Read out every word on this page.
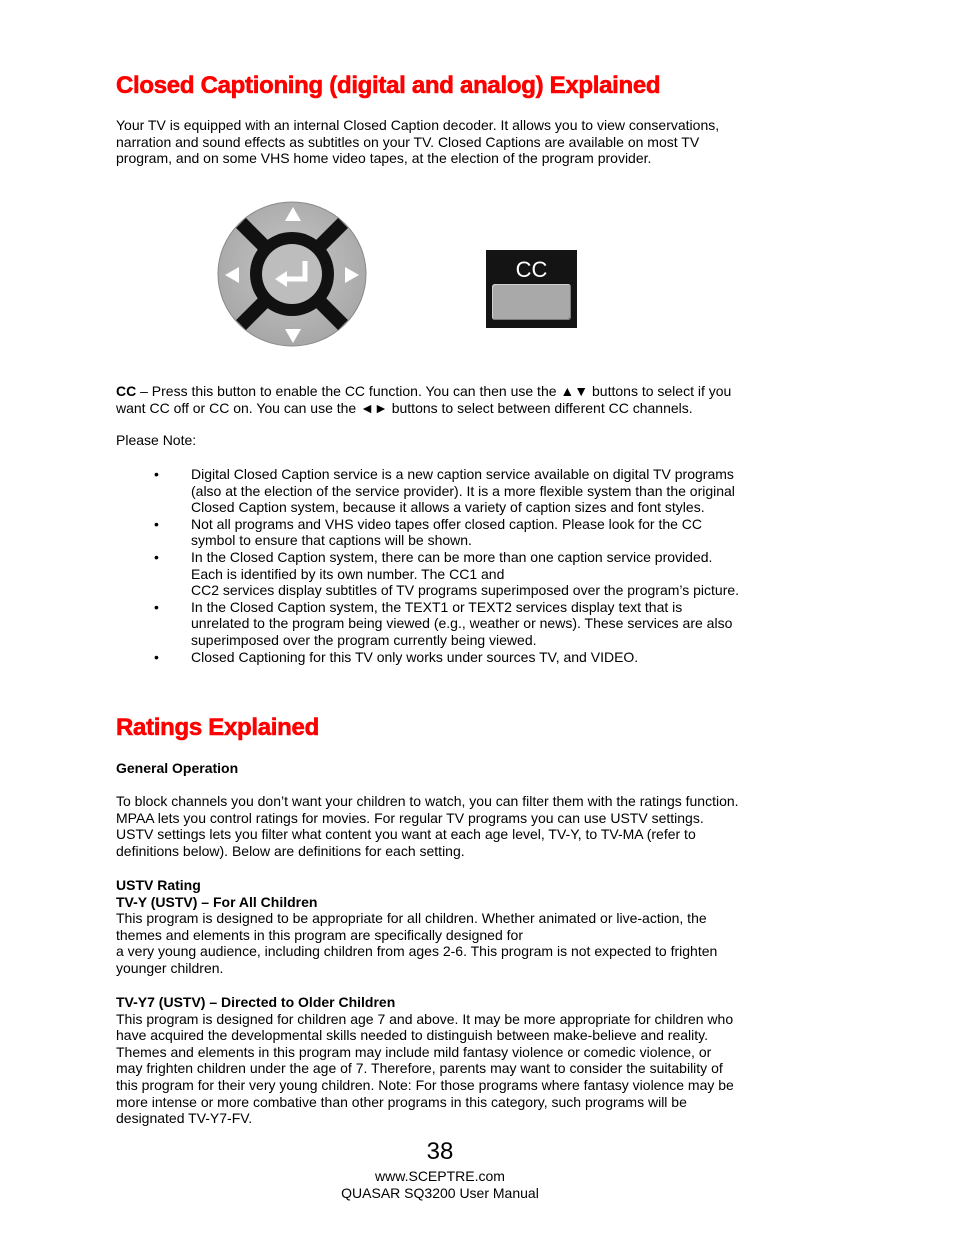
Closed Captioning (digital and analog) Explained

Your TV is equipped with an internal Closed Caption decoder. It allows you to view conservations,

narration and sound effects as subtitles on your TV. Closed Captions are available on most TV

program, and on some VHS home video tapes, at the election of the program provider.

CC

CC – Press this button to enable the CC function. You can then use the ▲▼ buttons to select if you

want CC off or CC on. You can use the ◄► buttons to select between different CC channels.

Please Note:
• Digital Closed Caption service is a new caption service available on digital TV programs
(also at the election of the service provider). It is a more flexible system than the original
Closed Caption system, because it allows a variety of caption sizes and font styles.
• Not all programs and VHS video tapes offer closed caption. Please look for the CC
symbol to ensure that captions will be shown.
• In the Closed Caption system, there can be more than one caption service provided.
Each is identified by its own number. The CC1 and
CC2 services display subtitles of TV programs superimposed over the program’s picture.
• In the Closed Caption system, the TEXT1 or TEXT2 services display text that is
unrelated to the program being viewed (e.g., weather or news). These services are also
superimposed over the program currently being viewed.
• Closed Captioning for this TV only works under sources TV, and VIDEO.
Ratings Explained
General Operation

To block channels you don’t want your children to watch, you can filter them with the ratings function.

MPAA lets you control ratings for movies. For regular TV programs you can use USTV settings.

USTV settings lets you filter what content you want at each age level, TV-Y, to TV-MA (refer to

definitions below). Below are definitions for each setting.

USTV Rating

TV-Y (USTV) – For All Children

This program is designed to be appropriate for all children. Whether animated or live-action, the

themes and elements in this program are specifically designed for

a very young audience, including children from ages 2-6. This program is not expected to frighten

younger children.

TV-Y7 (USTV) – Directed to Older Children

This program is designed for children age 7 and above. It may be more appropriate for children who

have acquired the developmental skills needed to distinguish between make-believe and reality.

Themes and elements in this program may include mild fantasy violence or comedic violence, or

may frighten children under the age of 7. Therefore, parents may want to consider the suitability of

this program for their very young children. Note: For those programs where fantasy violence may be

more intense or more combative than other programs in this category, such programs will be

designated TV-Y7-FV.

38
www.SCEPTRE.com
QUASAR SQ3200 User Manual
